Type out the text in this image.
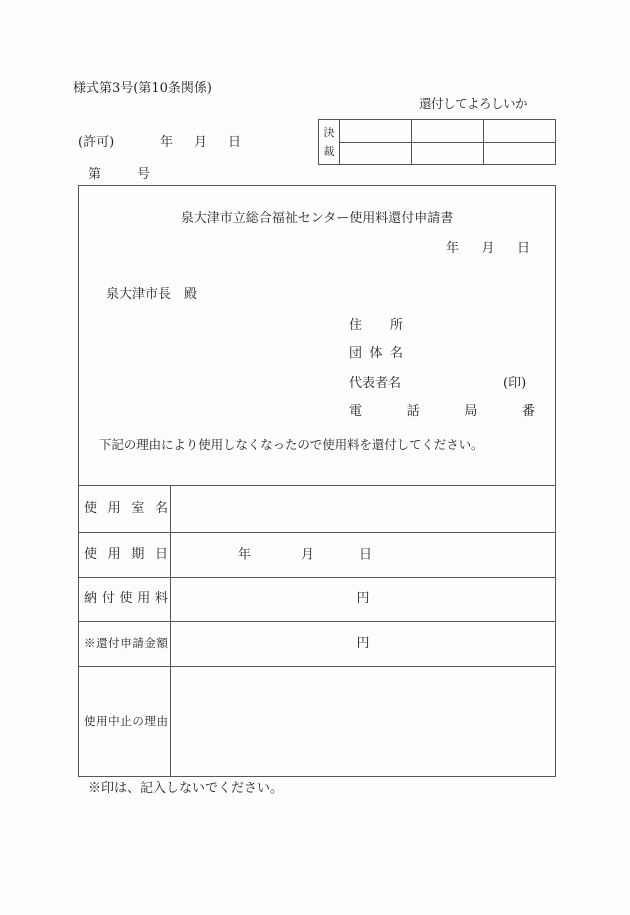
様式第3号(第10条関係)
還付してよろしいか
決
裁
(許可)	年 月 日
第	号
泉大津市立総合福祉センター使用料還付申請書
年 月 日
泉大津市長　殿
住所
団体名
代表者名	(印)
電話局番
下記の理由により使用しなくなったので使用料を還付してください。
使用室名
使用期日	年	月	日
納付使用料	円
※還付申請金額	円
使用中止の理由
※印は、記入しないでください。
